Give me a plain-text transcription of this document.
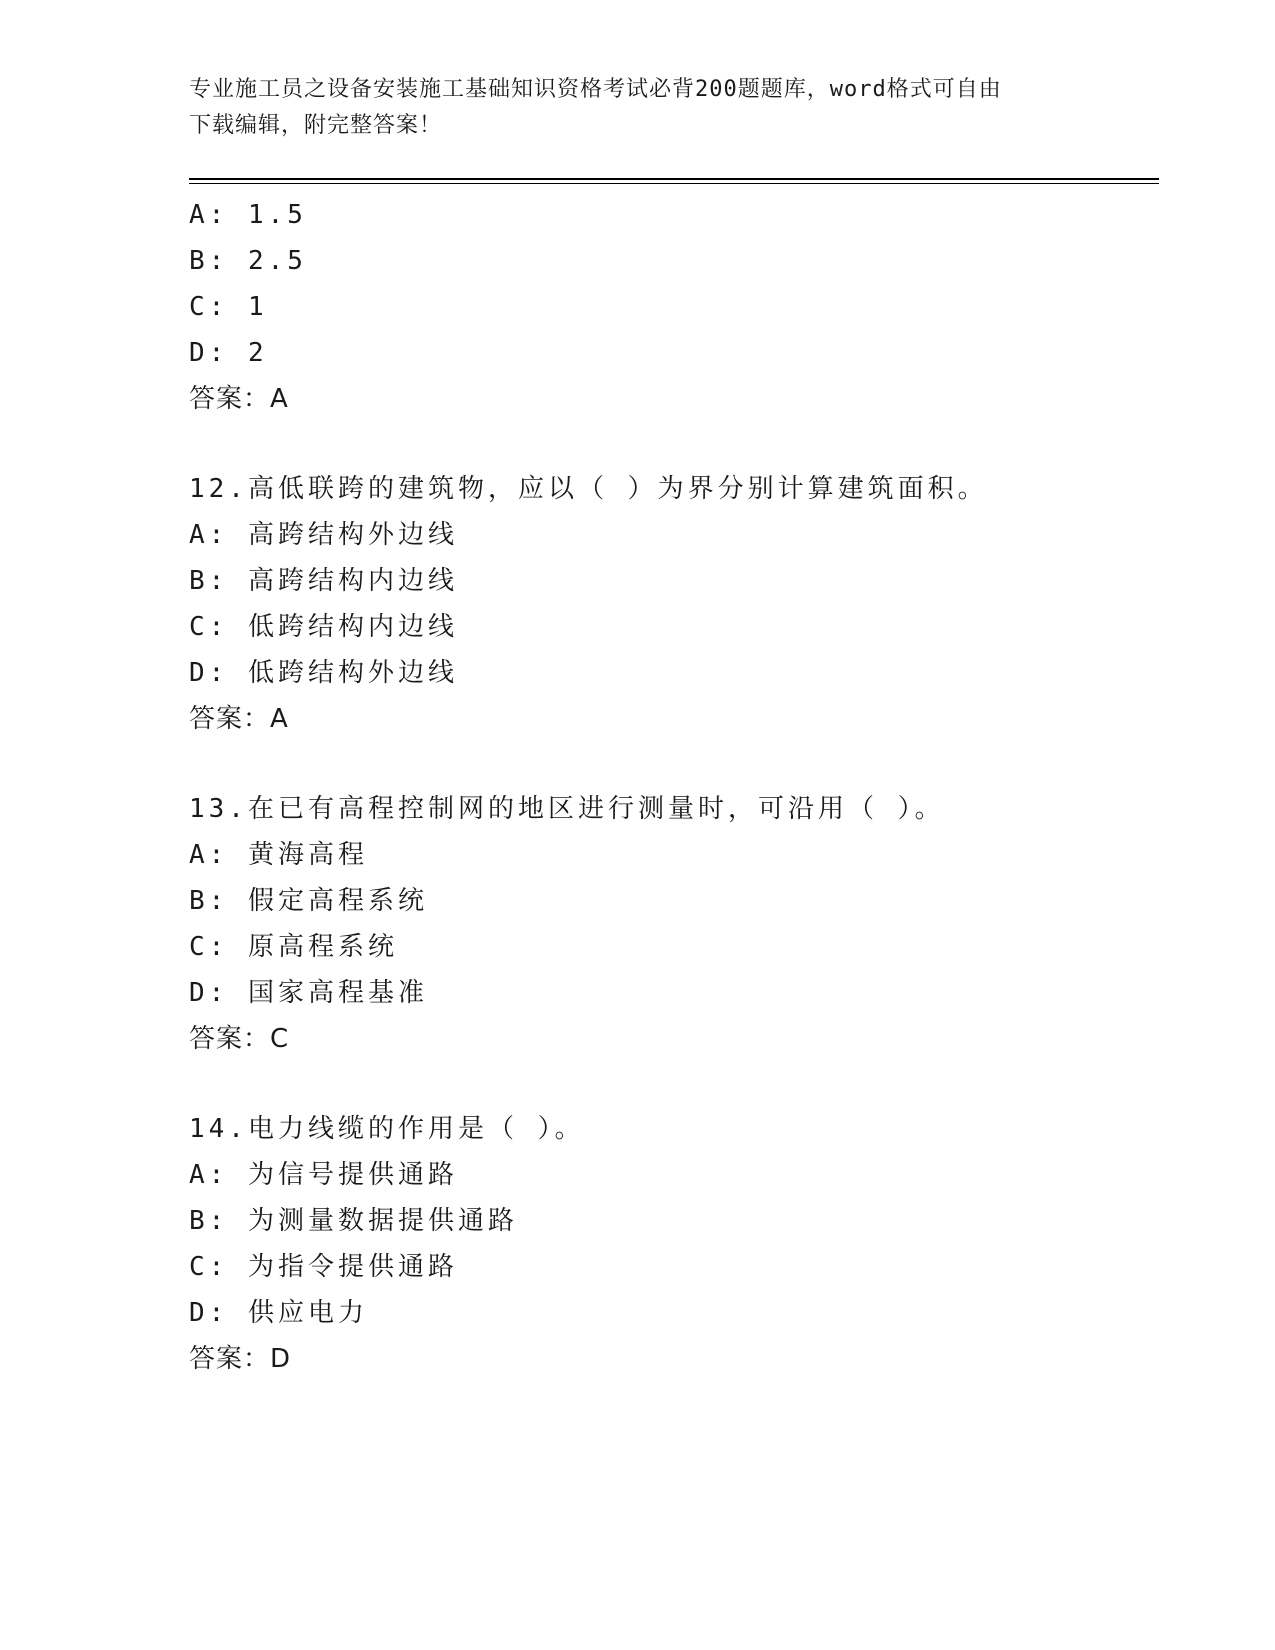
专业施工员之设备安装施工基础知识资格考试必背200题题库，word格式可自由
下载编辑，附完整答案！
A: 1.5
B: 2.5
C: 1
D: 2
答案：A
12.高低联跨的建筑物，应以（ ）为界分别计算建筑面积。
A: 高跨结构外边线
B: 高跨结构内边线
C: 低跨结构内边线
D: 低跨结构外边线
答案：A
13.在已有高程控制网的地区进行测量时，可沿用（ ）。
A: 黄海高程
B: 假定高程系统
C: 原高程系统
D: 国家高程基准
答案：C
14.电力线缆的作用是（ ）。
A: 为信号提供通路
B: 为测量数据提供通路
C: 为指令提供通路
D: 供应电力
答案：D
